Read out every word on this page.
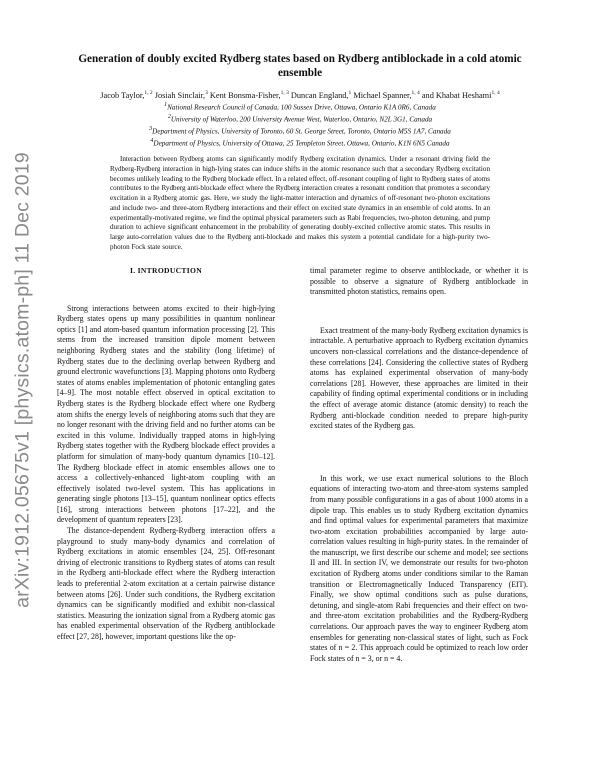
arXiv:1912.05675v1 [physics.atom-ph] 11 Dec 2019
Generation of doubly excited Rydberg states based on Rydberg antiblockade in a cold atomic ensemble
Jacob Taylor,$^{1, 2}$ Josiah Sinclair,$^3$ Kent Bonsma-Fisher,$^{1, 3}$ Duncan England,$^1$ Michael Spanner,$^{1, 4}$ and Khabat Heshami$^{1, 4}$
$^1$National Research Council of Canada, 100 Sussex Drive, Ottawa, Ontario K1A 0R6, Canada
$^2$University of Waterloo, 200 University Avenue West, Waterloo, Ontario, N2L 3G1, Canada
$^3$Department of Physics, University of Toronto, 60 St. George Street, Toronto, Ontario M5S 1A7, Canada
$^4$Department of Physics, University of Ottawa, 25 Templeton Street, Ottawa, Ontario, K1N 6N5 Canada

Interaction between Rydberg atoms can significantly modify Rydberg excitation dynamics. Under a resonant driving field the Rydberg-Rydberg interaction in high-lying states can induce shifts in the atomic resonance such that a secondary Rydberg excitation becomes unlikely leading to the Rydberg blockade effect. In a related effect, off-resonant coupling of light to Rydberg states of atoms contributes to the Rydberg anti-blockade effect where the Rydberg interaction creates a resonant condition that promotes a secondary excitation in a Rydberg atomic gas. Here, we study the light-matter interaction and dynamics of off-resonant two-photon excitations and include two- and three-atom Rydberg interactions and their effect on excited state dynamics in an ensemble of cold atoms. In an experimentally-motivated regime, we find the optimal physical parameters such as Rabi frequencies, two-photon detuning, and pump duration to achieve significant enhancement in the probability of generating doubly-excited collective atomic states. This results in large auto-correlation values due to the Rydberg anti-blockade and makes this system a potential candidate for a high-purity two-photon Fock state source.

I. INTRODUCTION

Strong interactions between atoms excited to their high-lying Rydberg states opens up many possibilities in quantum nonlinear optics [1] and atom-based quantum information processing [2]. This stems from the increased transition dipole moment between neighboring Rydberg states and the stability (long lifetime) of Rydberg states due to the declining overlap between Rydberg and ground electronic wavefunctions [3]. Mapping photons onto Rydberg states of atoms enables implementation of photonic entangling gates [4–9]. The most notable effect observed in optical excitation to Rydberg states is the Rydberg blockade effect where one Rydberg atom shifts the energy levels of neighboring atoms such that they are no longer resonant with the driving field and no further atoms can be excited in this volume. Individually trapped atoms in high-lying Rydberg states together with the Rydberg blockade effect provides a platform for simulation of many-body quantum dynamics [10–12]. The Rydberg blockade effect in atomic ensembles allows one to access a collectively-enhanced light-atom coupling with an effectively isolated two-level system. This has applications in generating single photons [13–15], quantum nonlinear optics effects [16], strong interactions between photons [17–22], and the development of quantum repeaters [23].

The distance-dependent Rydberg-Rydberg interaction offers a playground to study many-body dynamics and correlation of Rydberg excitations in atomic ensembles [24, 25]. Off-resonant driving of electronic transitions to Rydberg states of atoms can result in the Rydberg anti-blockade effect where the Rydberg interaction leads to preferential 2-atom excitation at a certain pairwise distance between atoms [26]. Under such conditions, the Rydberg excitation dynamics can be significantly modified and exhibit non-classical statistics. Measuring the ionization signal from a Rydberg atomic gas has enabled experimental observation of the Rydberg antiblockade effect [27, 28], however, important questions like the op-

timal parameter regime to observe antiblockade, or whether it is possible to observe a signature of Rydberg antiblockade in transmitted photon statistics, remains open.

Exact treatment of the many-body Rydberg excitation dynamics is intractable. A perturbative approach to Rydberg excitation dynamics uncovers non-classical correlations and the distance-dependence of these correlations [24]. Considering the collective states of Rydberg atoms has explained experimental observation of many-body correlations [28]. However, these approaches are limited in their capability of finding optimal experimental conditions or in including the effect of average atomic distance (atomic density) to reach the Rydberg anti-blockade condition needed to prepare high-purity excited states of the Rydberg gas.

In this work, we use exact numerical solutions to the Bloch equations of interacting two-atom and three-atom systems sampled from many possible configurations in a gas of about 1000 atoms in a dipole trap. This enables us to study Rydberg excitation dynamics and find optimal values for experimental parameters that maximize two-atom excitation probabilities accompanied by large auto-correlation values resulting in high-purity states. In the remainder of the manuscript, we first describe our scheme and model; see sections II and III. In section IV, we demonstrate our results for two-photon excitation of Rydberg atoms under conditions similar to the Raman transition or Electromagnetically Induced Transparency (EIT). Finally, we show optimal conditions such as pulse durations, detuning, and single-atom Rabi frequencies and their effect on two- and three-atom excitation probabilities and the Rydberg-Rydberg correlations. Our approach paves the way to engineer Rydberg atom ensembles for generating non-classical states of light, such as Fock states of n = 2. This approach could be optimized to reach low order Fock states of n = 3, or n = 4.
